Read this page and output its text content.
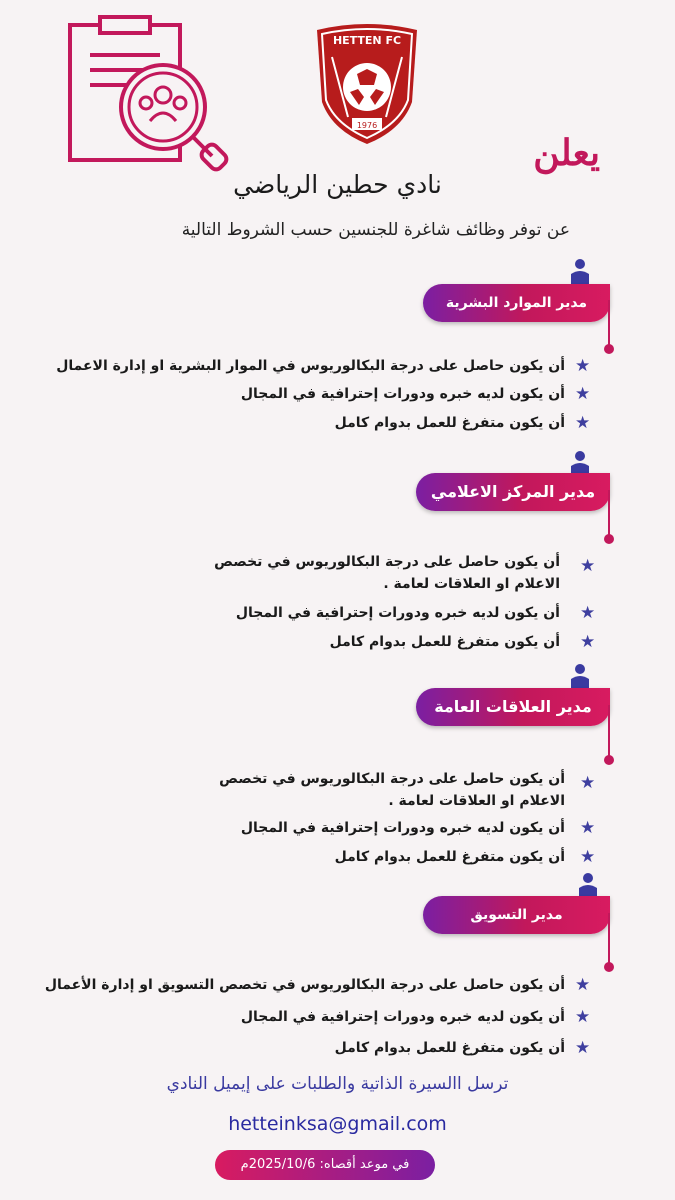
HETTEN FC
1976
يعلن
نادي حطين الرياضي
عن توفر وظائف شاغرة للجنسين حسب الشروط التالية
مدير الموارد البشرية
★
أن يكون حاصل على درجة البكالوريوس في الموار البشرية او إدارة الاعمال
★
أن يكون لديه خبره ودورات إحترافية في المجال
★
أن يكون متفرغ للعمل بدوام كامل
مدير المركز الاعلامي
★
أن يكون حاصل على درجة البكالوريوس في تخصص الاعلام او العلاقات لعامة .
★
أن يكون لديه خبره ودورات إحترافية في المجال
★
أن يكون متفرغ للعمل بدوام كامل
مدير العلاقات العامة
★
أن يكون حاصل على درجة البكالوريوس في تخصص الاعلام او العلاقات لعامة .
★
أن يكون لديه خبره ودورات إحترافية في المجال
★
أن يكون متفرغ للعمل بدوام كامل
مدير التسويق
★
أن يكون حاصل على درجة البكالوريوس في تخصص التسويق او إدارة الأعمال
★
أن يكون لديه خبره ودورات إحترافية في المجال
★
أن يكون متفرغ للعمل بدوام كامل
ترسل االسيرة الذاتية والطلبات على إيميل النادي
hetteinksa@gmail.com
في موعد أقصاه: 2025/10/6م
